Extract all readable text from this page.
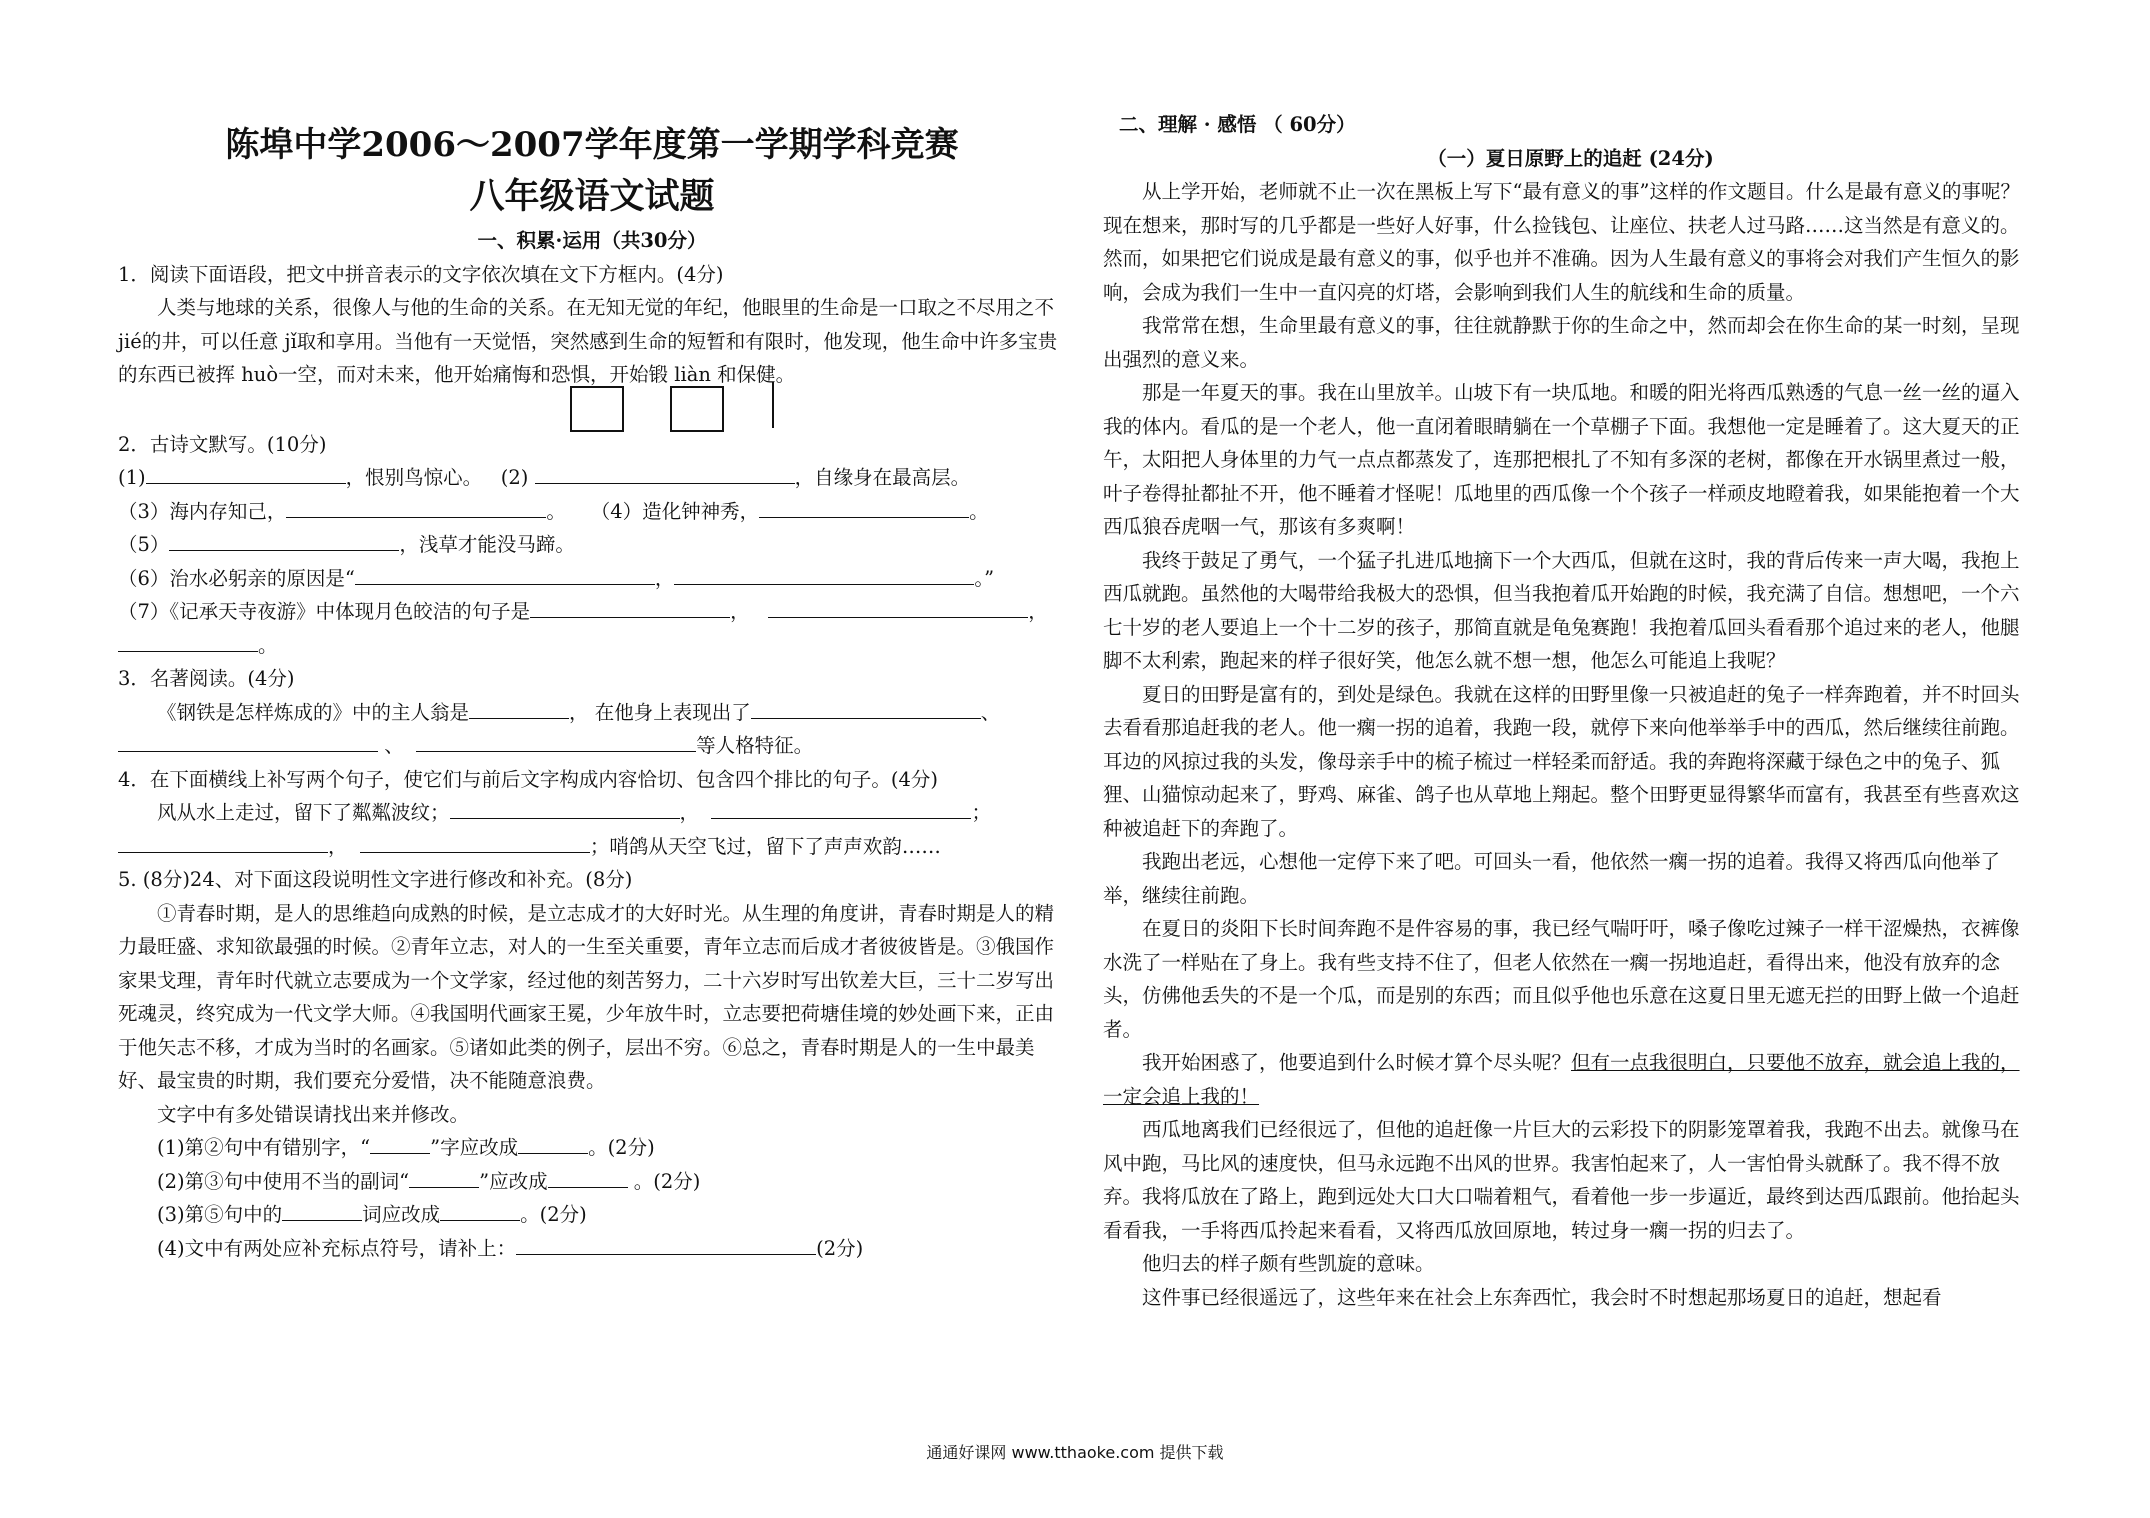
陈埠中学2006～2007学年度第一学期学科竞赛
八年级语文试题
一、积累·运用（共30分）

1．阅读下面语段，把文中拼音表示的文字依次填在文下方框内。(4分)

人类与地球的关系，很像人与他的生命的关系。在无知无觉的年纪，他眼里的生命是一口取之不尽用之不 jié的井，可以任意 jǐ取和享用。当他有一天觉悟，突然感到生命的短暂和有限时，他发现，他生命中许多宝贵的东西已被挥 huò一空，而对未来，他开始痛悔和恐惧，开始锻 liàn 和保健。

2．古诗文默写。(10分)

(1)	，恨别鸟惊心。 (2)	，自缘身在最高层。

（3）海内存知己，	。 （4）造化钟神秀，	。

（5）	，浅草才能没马蹄。

（6）治水必躬亲的原因是“	，	。”

（7）《记承天寺夜游》中体现月色皎洁的句子是	，	，

。

3．名著阅读。(4分)

《钢铁是怎样炼成的》中的主人翁是	， 在他身上表现出了	、

、	等人格特征。

4．在下面横线上补写两个句子，使它们与前后文字构成内容恰切、包含四个排比的句子。(4分)

风从水上走过，留下了粼粼波纹；	，	；

，	；哨鸽从天空飞过，留下了声声欢韵……

5. (8分)24、对下面这段说明性文字进行修改和补充。(8分)

①青春时期，是人的思维趋向成熟的时候，是立志成才的大好时光。从生理的角度讲，青春时期是人的精力最旺盛、求知欲最强的时候。②青年立志，对人的一生至关重要，青年立志而后成才者彼彼皆是。③俄国作家果戈理，青年时代就立志要成为一个文学家，经过他的刻苦努力，二十六岁时写出钦差大巨，三十二岁写出死魂灵，终究成为一代文学大师。④我国明代画家王冕，少年放牛时，立志要把荷塘佳境的妙处画下来，正由于他矢志不移，才成为当时的名画家。⑤诸如此类的例子，层出不穷。⑥总之，青春时期是人的一生中最美好、最宝贵的时期，我们要充分爱惜，决不能随意浪费。

文字中有多处错误请找出来并修改。

(1)第②句中有错别字，“	”字应改成	。(2分)

(2)第③句中使用不当的副词“	”应改成	。(2分)

(3)第⑤句中的	词应改成	。(2分)

(4)文中有两处应补充标点符号，请补上：	(2分)

二、理解 · 感悟 （ 60分）
（一）夏日原野上的追赶 (24分)

从上学开始，老师就不止一次在黑板上写下“最有意义的事”这样的作文题目。什么是最有意义的事呢？现在想来，那时写的几乎都是一些好人好事，什么捡钱包、让座位、扶老人过马路……这当然是有意义的。然而，如果把它们说成是最有意义的事，似乎也并不准确。因为人生最有意义的事将会对我们产生恒久的影响，会成为我们一生中一直闪亮的灯塔，会影响到我们人生的航线和生命的质量。

我常常在想，生命里最有意义的事，往往就静默于你的生命之中，然而却会在你生命的某一时刻，呈现出强烈的意义来。

那是一年夏天的事。我在山里放羊。山坡下有一块瓜地。和暖的阳光将西瓜熟透的气息一丝一丝的逼入我的体内。看瓜的是一个老人，他一直闭着眼睛躺在一个草棚子下面。我想他一定是睡着了。这大夏天的正午，太阳把人身体里的力气一点点都蒸发了，连那把根扎了不知有多深的老树，都像在开水锅里煮过一般，叶子卷得扯都扯不开，他不睡着才怪呢！瓜地里的西瓜像一个个孩子一样顽皮地瞪着我，如果能抱着一个大西瓜狼吞虎咽一气，那该有多爽啊！

我终于鼓足了勇气，一个猛子扎进瓜地摘下一个大西瓜，但就在这时，我的背后传来一声大喝，我抱上西瓜就跑。虽然他的大喝带给我极大的恐惧，但当我抱着瓜开始跑的时候，我充满了自信。想想吧，一个六七十岁的老人要追上一个十二岁的孩子，那简直就是龟兔赛跑！我抱着瓜回头看看那个追过来的老人，他腿脚不太利索，跑起来的样子很好笑，他怎么就不想一想，他怎么可能追上我呢？

夏日的田野是富有的，到处是绿色。我就在这样的田野里像一只被追赶的兔子一样奔跑着，并不时回头去看看那追赶我的老人。他一瘸一拐的追着，我跑一段，就停下来向他举举手中的西瓜，然后继续往前跑。耳边的风掠过我的头发，像母亲手中的梳子梳过一样轻柔而舒适。我的奔跑将深藏于绿色之中的兔子、狐狸、山猫惊动起来了，野鸡、麻雀、鸽子也从草地上翔起。整个田野更显得繁华而富有，我甚至有些喜欢这种被追赶下的奔跑了。

我跑出老远，心想他一定停下来了吧。可回头一看，他依然一瘸一拐的追着。我得又将西瓜向他举了举，继续往前跑。

在夏日的炎阳下长时间奔跑不是件容易的事，我已经气喘吁吁，嗓子像吃过辣子一样干涩燥热，衣裤像水洗了一样贴在了身上。我有些支持不住了，但老人依然在一瘸一拐地追赶，看得出来，他没有放弃的念头，仿佛他丢失的不是一个瓜，而是别的东西；而且似乎他也乐意在这夏日里无遮无拦的田野上做一个追赶者。

我开始困惑了，他要追到什么时候才算个尽头呢？但有一点我很明白，只要他不放弃，就会追上我的，一定会追上我的！

西瓜地离我们已经很远了，但他的追赶像一片巨大的云彩投下的阴影笼罩着我，我跑不出去。就像马在风中跑，马比风的速度快，但马永远跑不出风的世界。我害怕起来了，人一害怕骨头就酥了。我不得不放弃。我将瓜放在了路上，跑到远处大口大口喘着粗气，看着他一步一步逼近，最终到达西瓜跟前。他抬起头看看我，一手将西瓜拎起来看看，又将西瓜放回原地，转过身一瘸一拐的归去了。

他归去的样子颇有些凯旋的意味。

这件事已经很遥远了，这些年来在社会上东奔西忙，我会时不时想起那场夏日的追赶，想起看

通通好课网 www.tthaoke.com 提供下载
